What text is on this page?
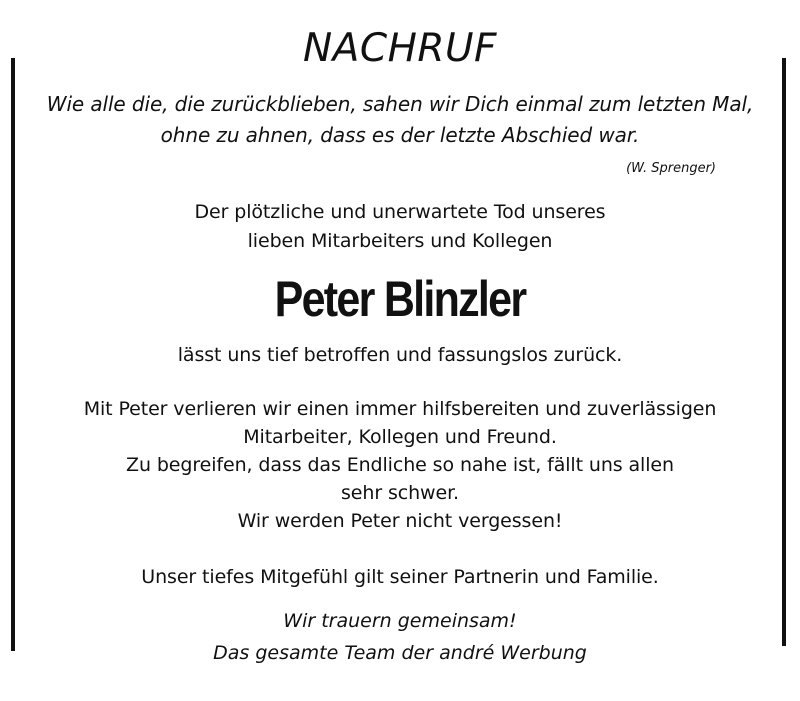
NACHRUF
Wie alle die, die zurückblieben, sahen wir Dich einmal zum letzten Mal,
ohne zu ahnen, dass es der letzte Abschied war.
(W. Sprenger)
Der plötzliche und unerwartete Tod unseres
lieben Mitarbeiters und Kollegen
Peter Blinzler
lässt uns tief betroffen und fassungslos zurück.
Mit Peter verlieren wir einen immer hilfsbereiten und zuverlässigen
Mitarbeiter, Kollegen und Freund.
Zu begreifen, dass das Endliche so nahe ist, fällt uns allen
sehr schwer.
Wir werden Peter nicht vergessen!
Unser tiefes Mitgefühl gilt seiner Partnerin und Familie.
Wir trauern gemeinsam!
Das gesamte Team der andré Werbung
